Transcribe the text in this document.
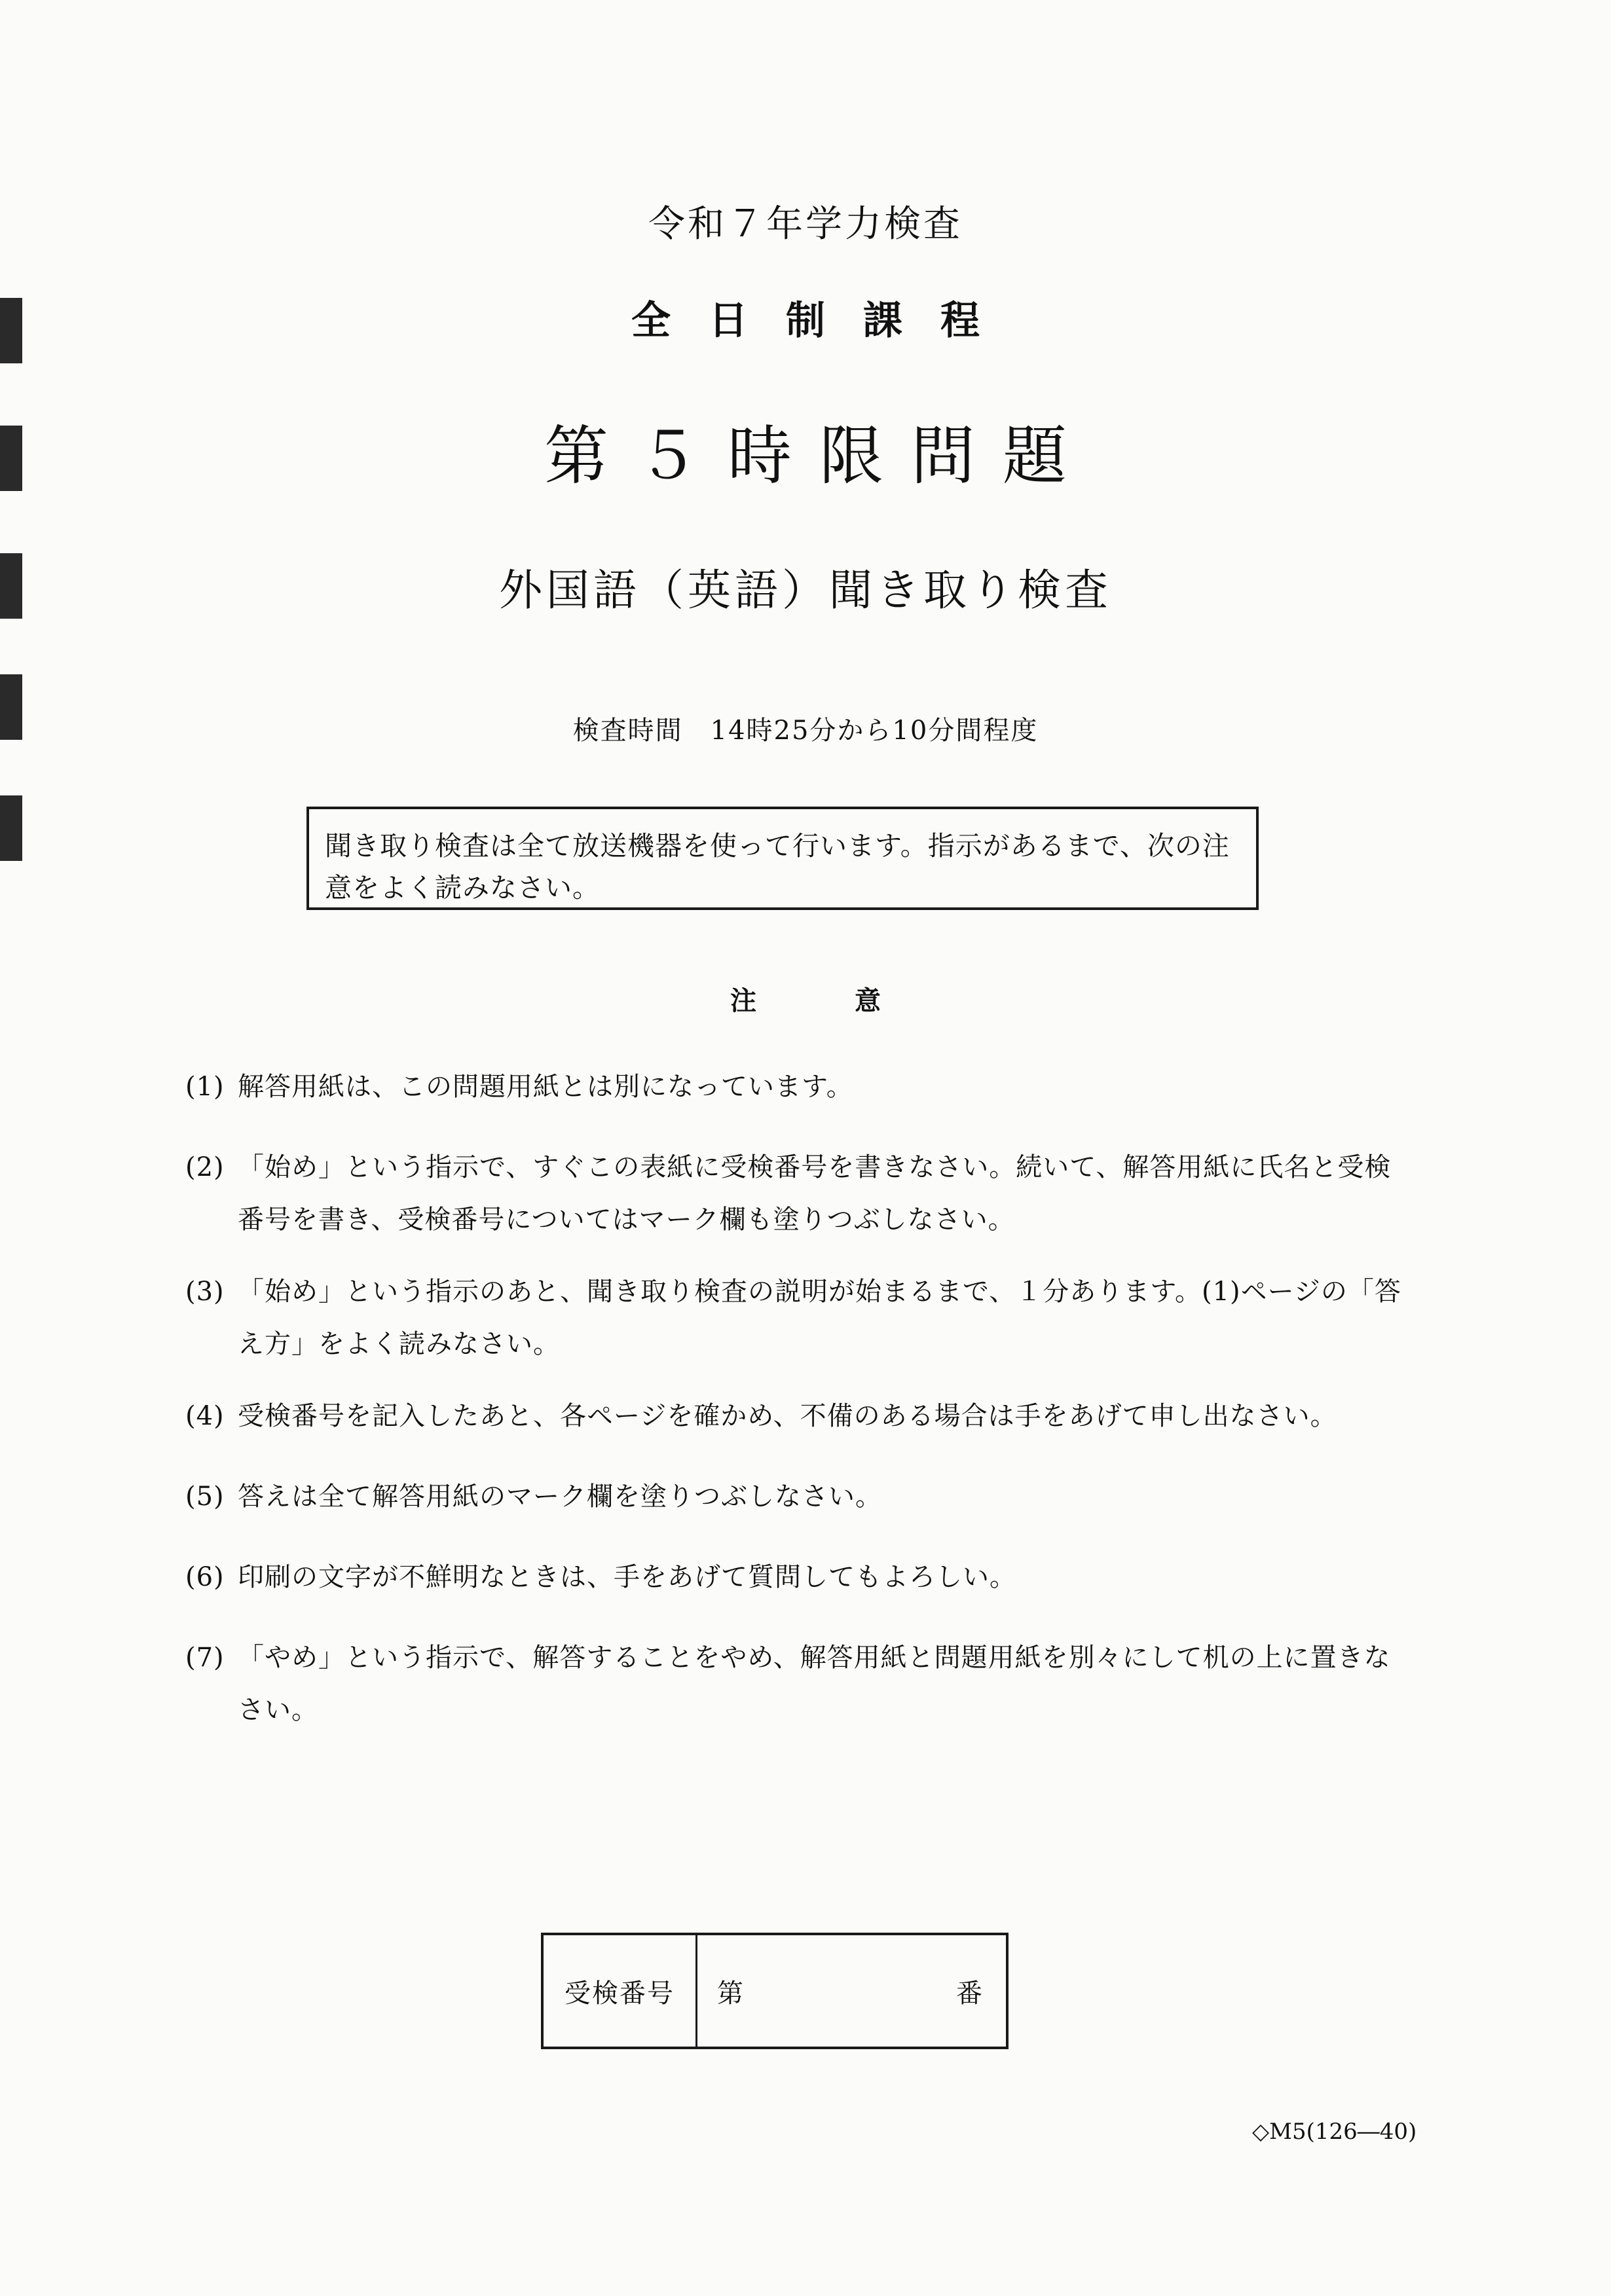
令和７年学力検査
全日制課程
第５時限問題
外国語（英語）聞き取り検査
検査時間　14時25分から10分間程度
聞き取り検査は全て放送機器を使って行います。指示があるまで、次の注意をよく読みなさい。
注意
(1) 解答用紙は、この問題用紙とは別になっています。
(2) 「始め」という指示で、すぐこの表紙に受検番号を書きなさい。続いて、解答用紙に氏名と受検番号を書き、受検番号についてはマーク欄も塗りつぶしなさい。
(3) 「始め」という指示のあと、聞き取り検査の説明が始まるまで、１分あります。(1)ページの「答え方」をよく読みなさい。
(4) 受検番号を記入したあと、各ページを確かめ、不備のある場合は手をあげて申し出なさい。
(5) 答えは全て解答用紙のマーク欄を塗りつぶしなさい。
(6) 印刷の文字が不鮮明なときは、手をあげて質問してもよろしい。
(7) 「やめ」という指示で、解答することをやめ、解答用紙と問題用紙を別々にして机の上に置きなさい。
受検番号	第	番
◇M5(126―40)
